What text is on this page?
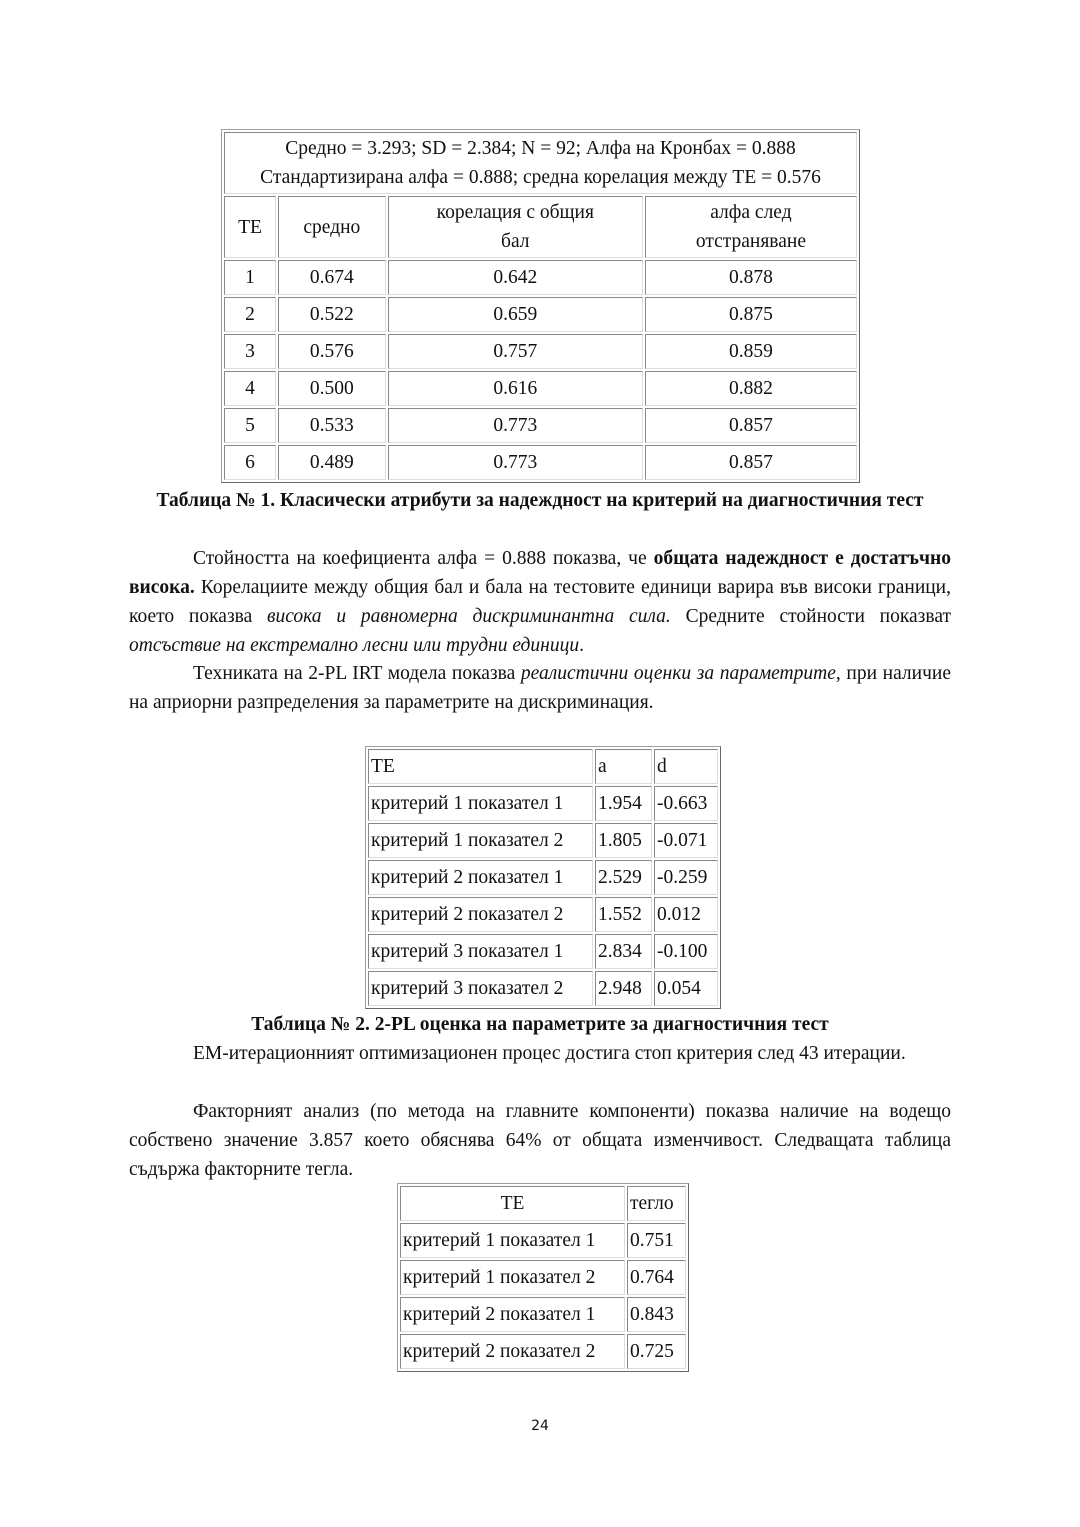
Средно = 3.293; SD = 2.384; N = 92; Алфа на Кронбах = 0.888
Стандартизирана алфа = 0.888; средна корелация между ТЕ = 0.576			
ТЕ	средно	корелация с общия бал	алфа след отстраняване
1	0.674	0.642	0.878
2	0.522	0.659	0.875
3	0.576	0.757	0.859
4	0.500	0.616	0.882
5	0.533	0.773	0.857
6	0.489	0.773	0.857
Таблица № 1. Класически атрибути за надеждност на критерий на диагностичния тест

Стойността на коефициента алфа = 0.888 показва, че общата надеждност е достатъчно висока. Корелациите между общия бал и бала на тестовите единици варира във високи граници, което показва висока и равномерна дискриминантна сила. Средните стойности показват отсъствие на екстремално лесни или трудни единици.

Техниката на 2-PL IRT модела показва реалистични оценки за параметрите, при наличие на априорни разпределения за параметрите на дискриминация.

ТЕ	a	d
критерий 1 показател 1	1.954	-0.663
критерий 1 показател 2	1.805	-0.071
критерий 2 показател 1	2.529	-0.259
критерий 2 показател 2	1.552	0.012
критерий 3 показател 1	2.834	-0.100
критерий 3 показател 2	2.948	0.054
Таблица № 2. 2-PL оценка на параметрите за диагностичния тест

ЕМ-итерационният оптимизационен процес достига стоп критерия след 43 итерации.

Факторният анализ (по метода на главните компоненти) показва наличие на водещо собствено значение 3.857 което обяснява 64% от общата изменчивост. Следващата таблица съдържа факторните тегла.

ТЕ	тегло
критерий 1 показател 1	0.751
критерий 1 показател 2	0.764
критерий 2 показател 1	0.843
критерий 2 показател 2	0.725
24
